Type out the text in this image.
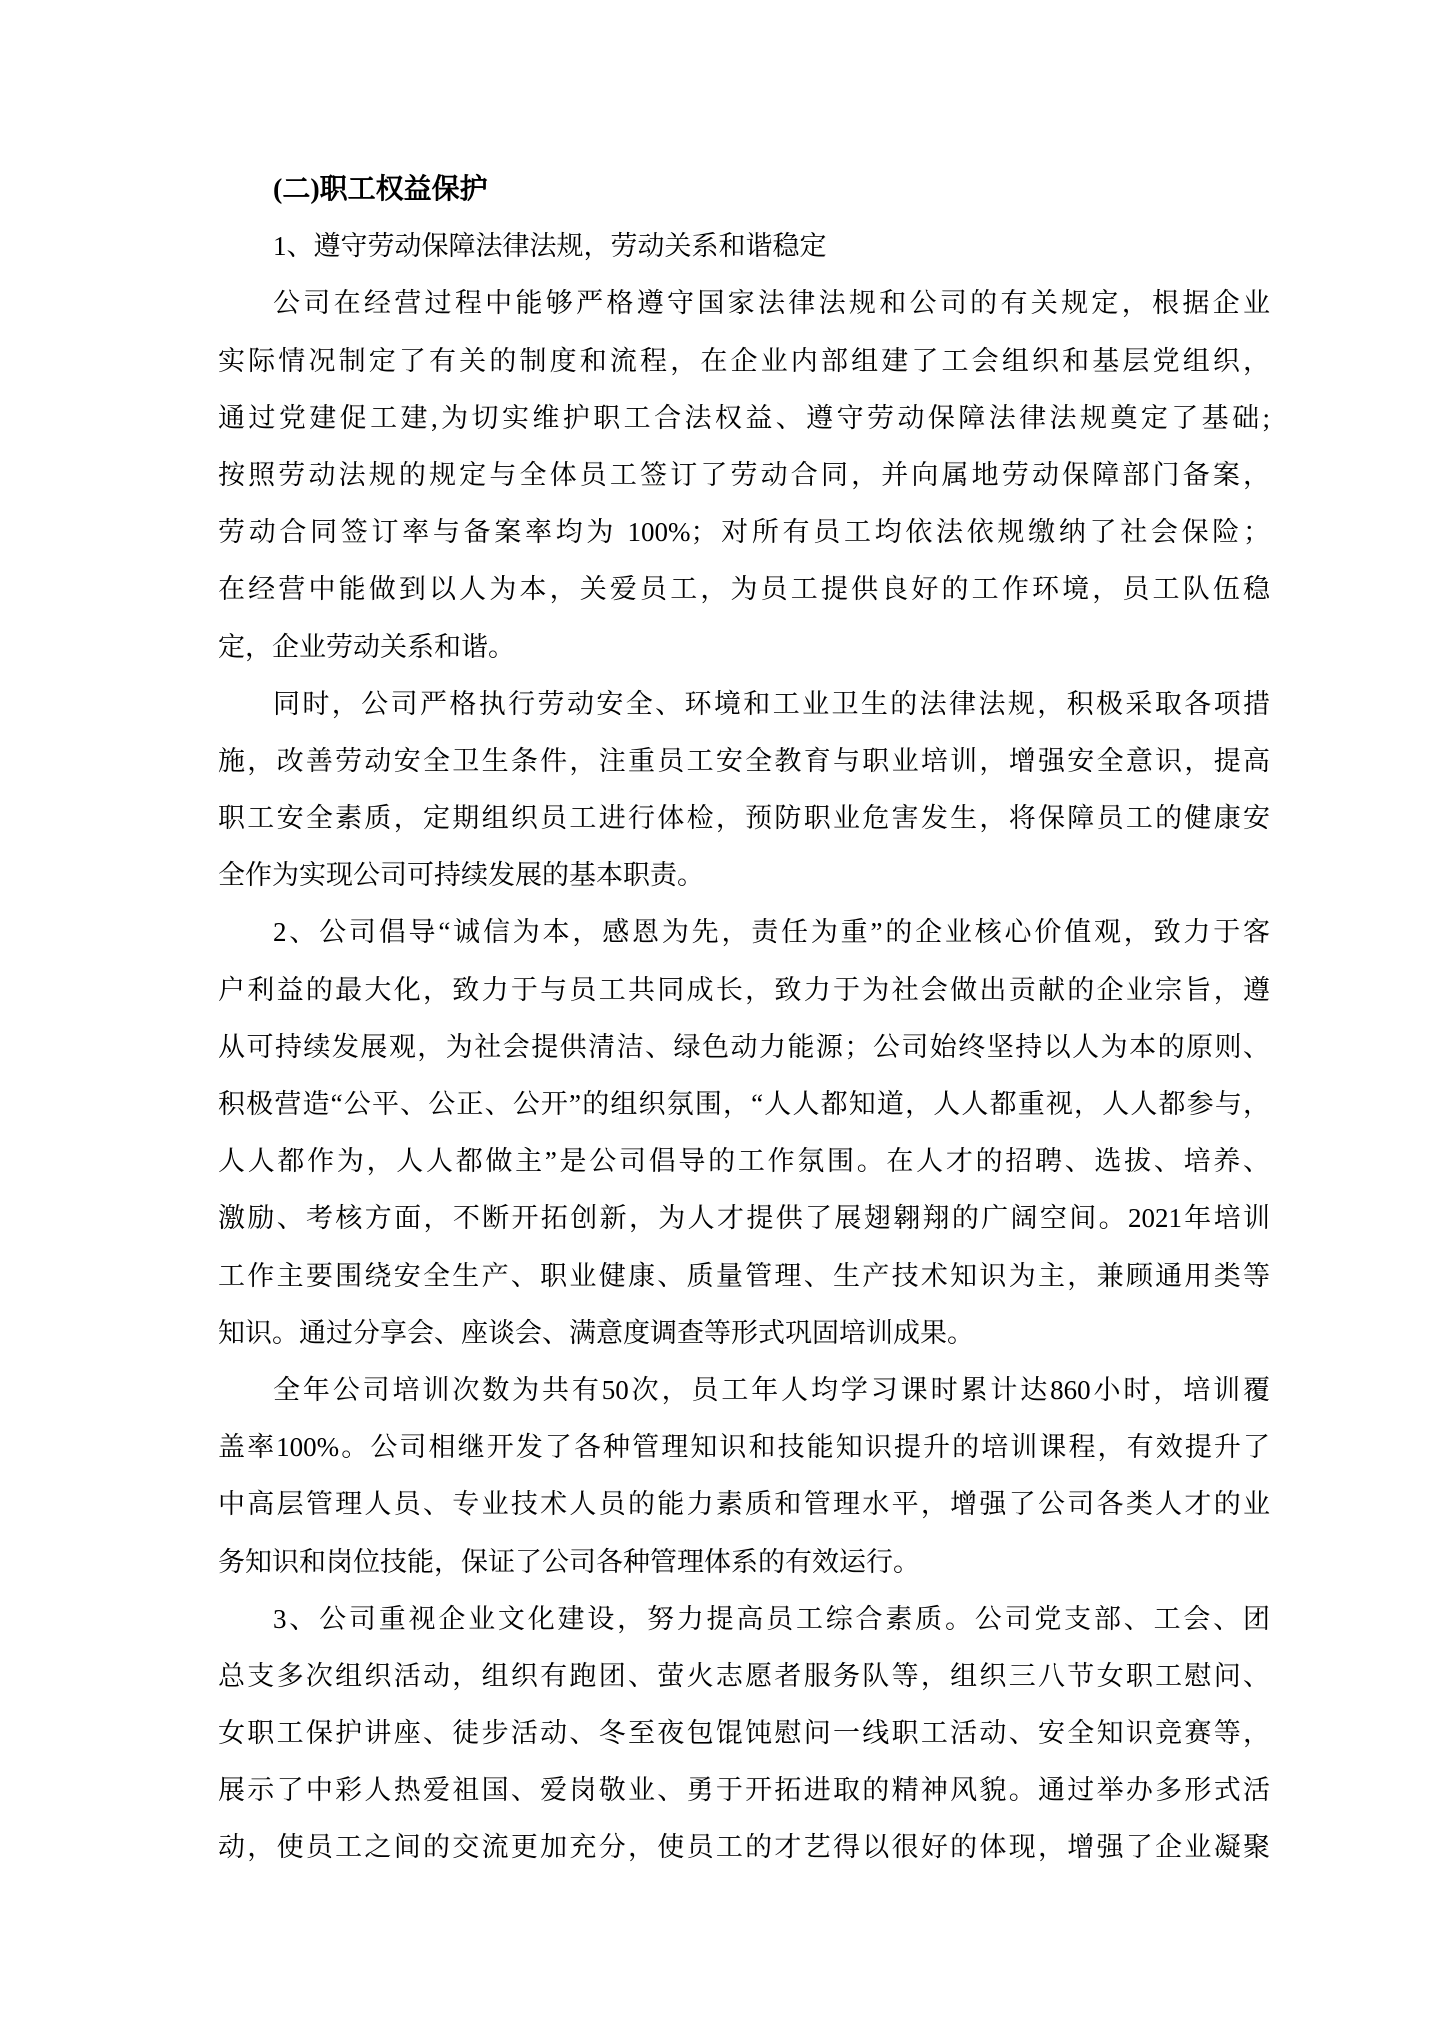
(二)职工权益保护
1、遵守劳动保障法律法规，劳动关系和谐稳定
公司在经营过程中能够严格遵守国家法律法规和公司的有关规定，根据企业
实际情况制定了有关的制度和流程，在企业内部组建了工会组织和基层党组织，
通过党建促工建,为切实维护职工合法权益、遵守劳动保障法律法规奠定了基础;
按照劳动法规的规定与全体员工签订了劳动合同，并向属地劳动保障部门备案，
劳动合同签订率与备案率均为 100%；对所有员工均依法依规缴纳了社会保险；
在经营中能做到以人为本，关爱员工，为员工提供良好的工作环境，员工队伍稳
定，企业劳动关系和谐。
同时，公司严格执行劳动安全、环境和工业卫生的法律法规，积极采取各项措
施，改善劳动安全卫生条件，注重员工安全教育与职业培训，增强安全意识，提高
职工安全素质，定期组织员工进行体检，预防职业危害发生，将保障员工的健康安
全作为实现公司可持续发展的基本职责。
2、公司倡导“诚信为本，感恩为先，责任为重”的企业核心价值观，致力于客
户利益的最大化，致力于与员工共同成长，致力于为社会做出贡献的企业宗旨，遵
从可持续发展观，为社会提供清洁、绿色动力能源；公司始终坚持以人为本的原则、
积极营造“公平、公正、公开”的组织氛围，“人人都知道，人人都重视，人人都参与，
人人都作为，人人都做主”是公司倡导的工作氛围。在人才的招聘、选拔、培养、
激励、考核方面，不断开拓创新，为人才提供了展翅翱翔的广阔空间。2021年培训
工作主要围绕安全生产、职业健康、质量管理、生产技术知识为主，兼顾通用类等
知识。通过分享会、座谈会、满意度调查等形式巩固培训成果。
全年公司培训次数为共有50次，员工年人均学习课时累计达860小时，培训覆
盖率100%。公司相继开发了各种管理知识和技能知识提升的培训课程，有效提升了
中高层管理人员、专业技术人员的能力素质和管理水平，增强了公司各类人才的业
务知识和岗位技能，保证了公司各种管理体系的有效运行。
3、公司重视企业文化建设，努力提高员工综合素质。公司党支部、工会、团
总支多次组织活动，组织有跑团、萤火志愿者服务队等，组织三八节女职工慰问、
女职工保护讲座、徒步活动、冬至夜包馄饨慰问一线职工活动、安全知识竞赛等，
展示了中彩人热爱祖国、爱岗敬业、勇于开拓进取的精神风貌。通过举办多形式活
动，使员工之间的交流更加充分，使员工的才艺得以很好的体现，增强了企业凝聚
